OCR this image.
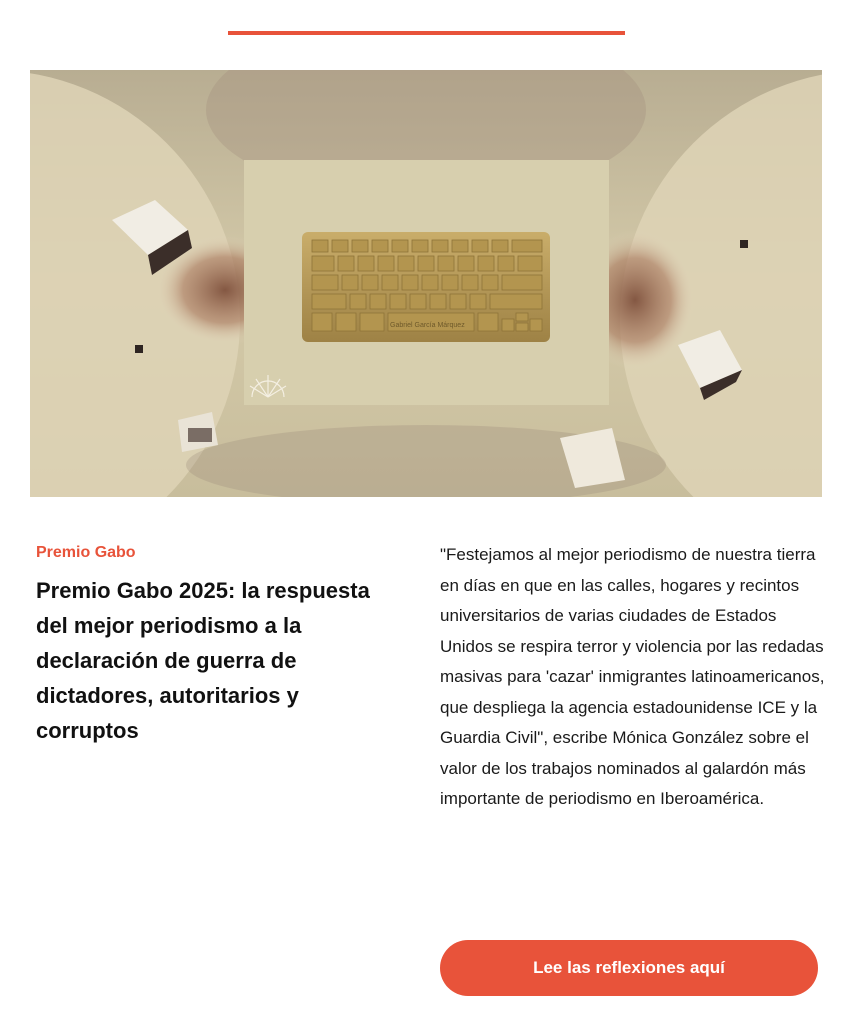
Gabriel García Márquez

Premio Gabo

Premio Gabo 2025: la respuesta del mejor periodismo a la declaración de guerra de dictadores, autoritarios y corruptos

"Festejamos al mejor periodismo de nuestra tierra en días en que en las calles, hogares y recintos universitarios de varias ciudades de Estados Unidos se respira terror y violencia por las redadas masivas para 'cazar' inmigrantes latinoamericanos, que despliega la agencia estadounidense ICE y la Guardia Civil", escribe Mónica González sobre el valor de los trabajos nominados al galardón más importante de periodismo en Iberoamérica.

Lee las reflexiones aquí
